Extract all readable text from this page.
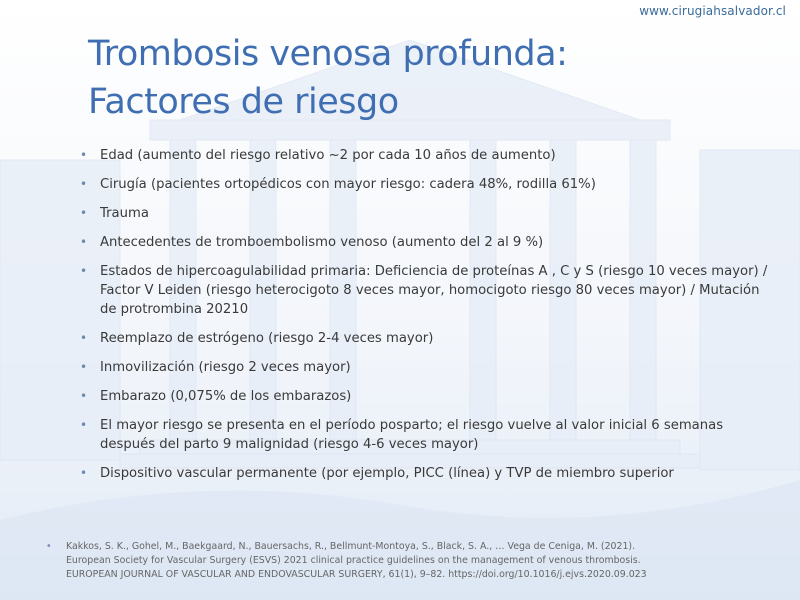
www.cirugiahsalvador.cl
Trombosis venosa profunda:
Factores de riesgo
• Edad (aumento del riesgo relativo ~2 por cada 10 años de aumento)
• Cirugía (pacientes ortopédicos con mayor riesgo: cadera 48%, rodilla 61%)
• Trauma
• Antecedentes de tromboembolismo venoso (aumento del 2 al 9 %)
• Estados de hipercoagulabilidad primaria: Deficiencia de proteínas A , C y S (riesgo 10 veces mayor) / Factor V Leiden (riesgo heterocigoto 8 veces mayor, homocigoto riesgo 80 veces mayor) / Mutación de protrombina 20210
• Reemplazo de estrógeno (riesgo 2-4 veces mayor)
• Inmovilización (riesgo 2 veces mayor)
• Embarazo (0,075% de los embarazos)
• El mayor riesgo se presenta en el período posparto; el riesgo vuelve al valor inicial 6 semanas después del parto 9 malignidad (riesgo 4-6 veces mayor)
• Dispositivo vascular permanente (por ejemplo, PICC (línea) y TVP de miembro superior
•	Kakkos, S. K., Gohel, M., Baekgaard, N., Bauersachs, R., Bellmunt-Montoya, S., Black, S. A., … Vega de Ceniga, M. (2021).
European Society for Vascular Surgery (ESVS) 2021 clinical practice guidelines on the management of venous thrombosis.
EUROPEAN JOURNAL OF VASCULAR AND ENDOVASCULAR SURGERY, 61(1), 9–82. https://doi.org/10.1016/j.ejvs.2020.09.023
